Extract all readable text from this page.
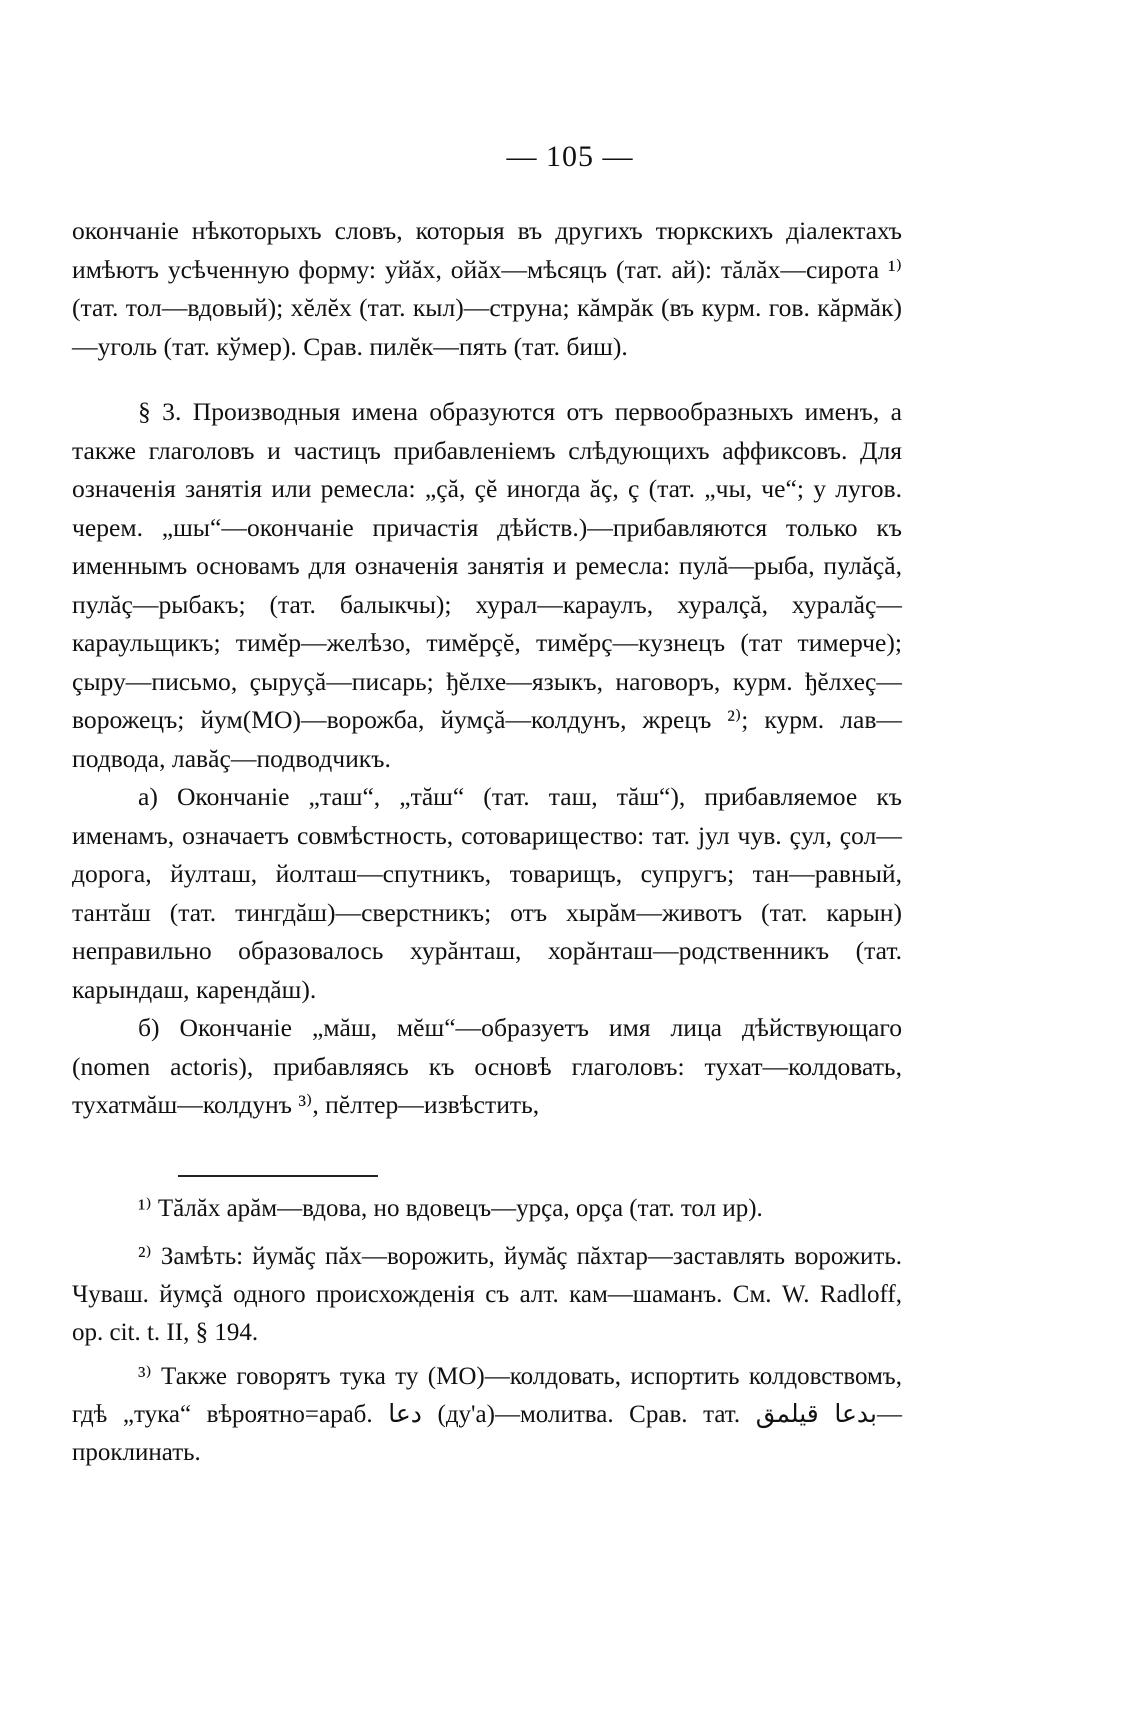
— 105 —

окончаніе нѣкоторыхъ словъ, которыя въ другихъ тюркскихъ діалектахъ имѣютъ усѣченную форму: уйăх, ойăх—мѣсяцъ (тат. ай): тăлăх—сирота ¹⁾ (тат. тол—вдовый); хĕлĕх (тат. кыл)—струна; кăмрăк (въ курм. гов. кăрмăк)—уголь (тат. кўмер). Срав. пилĕк—пять (тат. биш).

§ 3. Производныя имена образуются отъ первообразныхъ именъ, а также глаголовъ и частицъ прибавленіемъ слѣдующихъ аффиксовъ. Для означенія занятія или ремесла: „çă, çĕ иногда ăç, ç (тат. „чы, че“; у лугов. черем. „шы“—окончаніе причастія дѣйств.)—прибавляются только къ именнымъ основамъ для означенія занятія и ремесла: пулă—рыба, пулăçă, пулăç—рыбакъ; (тат. балыкчы); хурал—караулъ, хуралçă, хуралăç—караульщикъ; тимĕр—желѣзо, тимĕрçĕ, тимĕрç—кузнецъ (тат тимерче); çыру—письмо, çыруçă—писарь; ђĕлхе—языкъ, наговоръ, курм. ђĕлхеç—ворожецъ; йум(МО)—ворожба, йумçă—колдунъ, жрецъ ²⁾; курм. лав—подвода, лавăç—подводчикъ.

а) Окончаніе „таш“, „тăш“ (тат. таш, тăш“), прибавляемое къ именамъ, означаетъ совмѣстность, сотоварищество: тат. јул чув. çул, çол—дорога, йулташ, йолташ—спутникъ, товарищъ, супругъ; тан—равный, тантăш (тат. тингдăш)—сверстникъ; отъ хырăм—животъ (тат. карын) неправильно образовалось хурăнташ, хорăнташ—родственникъ (тат. карындаш, карендăш).

б) Окончаніе „мăш, мĕш“—образуетъ имя лица дѣйствующаго (nomen actoris), прибавляясь къ основѣ глаголовъ: тухат—колдовать, тухатмăш—колдунъ ³⁾, пĕлтер—извѣстить,

¹⁾ Тăлăх арăм—вдова, но вдовецъ—урçа, орçа (тат. тол ир).

²⁾ Замѣть: йумăç пăх—ворожить, йумăç пăхтар—заставлять ворожить. Чуваш. йумçă одного происхожденія съ алт. кам—шаманъ. См. W. Radloff, op. cit. t. II, § 194.

³⁾ Также говорятъ тука ту (МО)—колдовать, испортить колдовствомъ, гдѣ „тука“ вѣроятно=араб. دعا (ду'а)—молитва. Срав. тат. بدعا قيلمق— проклинать.
